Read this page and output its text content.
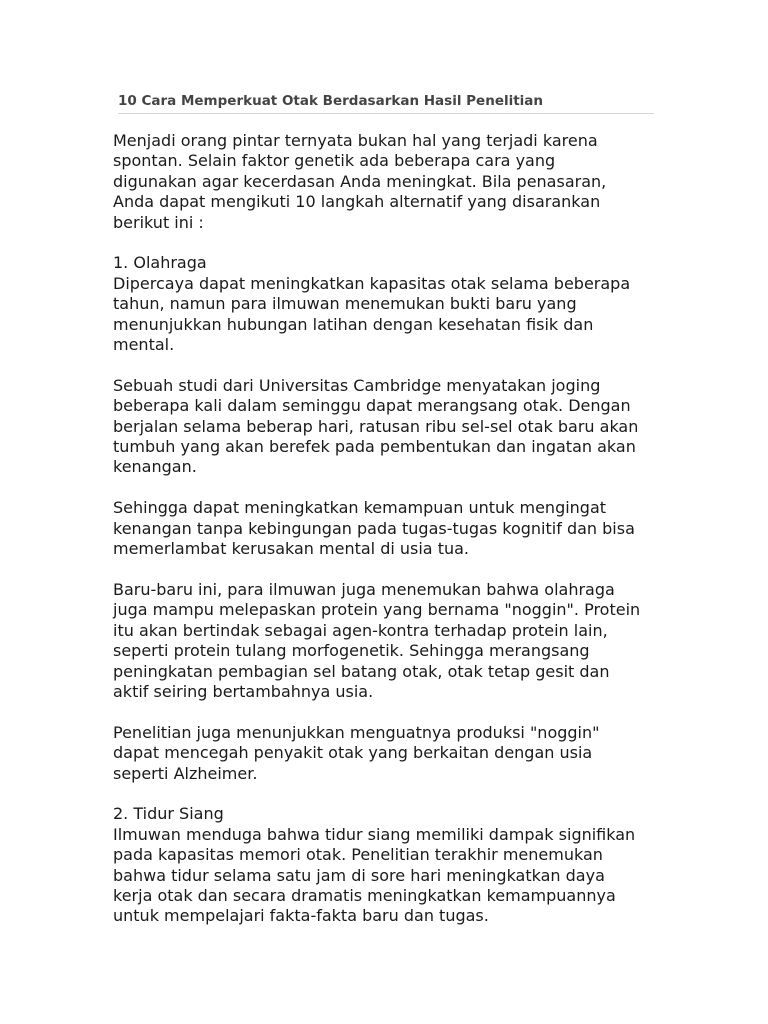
10 Cara Memperkuat Otak Berdasarkan Hasil Penelitian

Menjadi orang pintar ternyata bukan hal yang terjadi karena
spontan. Selain faktor genetik ada beberapa cara yang
digunakan agar kecerdasan Anda meningkat. Bila penasaran,
Anda dapat mengikuti 10 langkah alternatif yang disarankan
berikut ini :

1. Olahraga

Dipercaya dapat meningkatkan kapasitas otak selama beberapa
tahun, namun para ilmuwan menemukan bukti baru yang
menunjukkan hubungan latihan dengan kesehatan fisik dan
mental.

Sebuah studi dari Universitas Cambridge menyatakan joging
beberapa kali dalam seminggu dapat merangsang otak. Dengan
berjalan selama beberap hari, ratusan ribu sel-sel otak baru akan
tumbuh yang akan berefek pada pembentukan dan ingatan akan
kenangan.

Sehingga dapat meningkatkan kemampuan untuk mengingat
kenangan tanpa kebingungan pada tugas-tugas kognitif dan bisa
memerlambat kerusakan mental di usia tua.

Baru-baru ini, para ilmuwan juga menemukan bahwa olahraga
juga mampu melepaskan protein yang bernama "noggin". Protein
itu akan bertindak sebagai agen-kontra terhadap protein lain,
seperti protein tulang morfogenetik. Sehingga merangsang
peningkatan pembagian sel batang otak, otak tetap gesit dan
aktif seiring bertambahnya usia.

Penelitian juga menunjukkan menguatnya produksi "noggin"
dapat mencegah penyakit otak yang berkaitan dengan usia
seperti Alzheimer.

2. Tidur Siang

Ilmuwan menduga bahwa tidur siang memiliki dampak signifikan
pada kapasitas memori otak. Penelitian terakhir menemukan
bahwa tidur selama satu jam di sore hari meningkatkan daya
kerja otak dan secara dramatis meningkatkan kemampuannya
untuk mempelajari fakta-fakta baru dan tugas.
